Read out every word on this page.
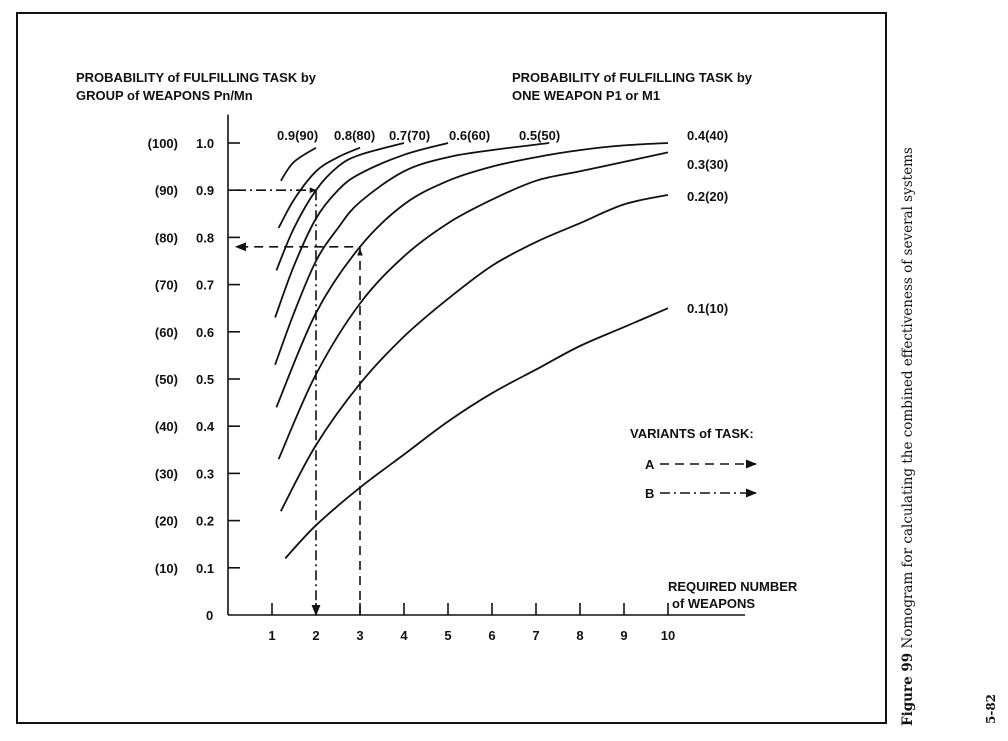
0
0.1
(10)
0.2
(20)
0.3
(30)
0.4
(40)
0.5
(50)
0.6
(60)
0.7
(70)
0.8
(80)
0.9
(90)
1.0
(100)
1	2	3	4	5	6	7	8	9	10
0.1(10)
0.2(20)
0.3(30)
0.4(40)
0.5(50)
0.6(60)
0.7(70)
0.8(80)
0.9(90)
PROBABILITY of FULFILLING TASK by
GROUP of WEAPONS Pn/Mn
PROBABILITY of FULFILLING TASK by
ONE WEAPON P1 or M1
REQUIRED NUMBER
of WEAPONS
VARIANTS of TASK:
A
B
Figure 99 Nomogram for calculating the combined effectiveness of several systems
5-82
